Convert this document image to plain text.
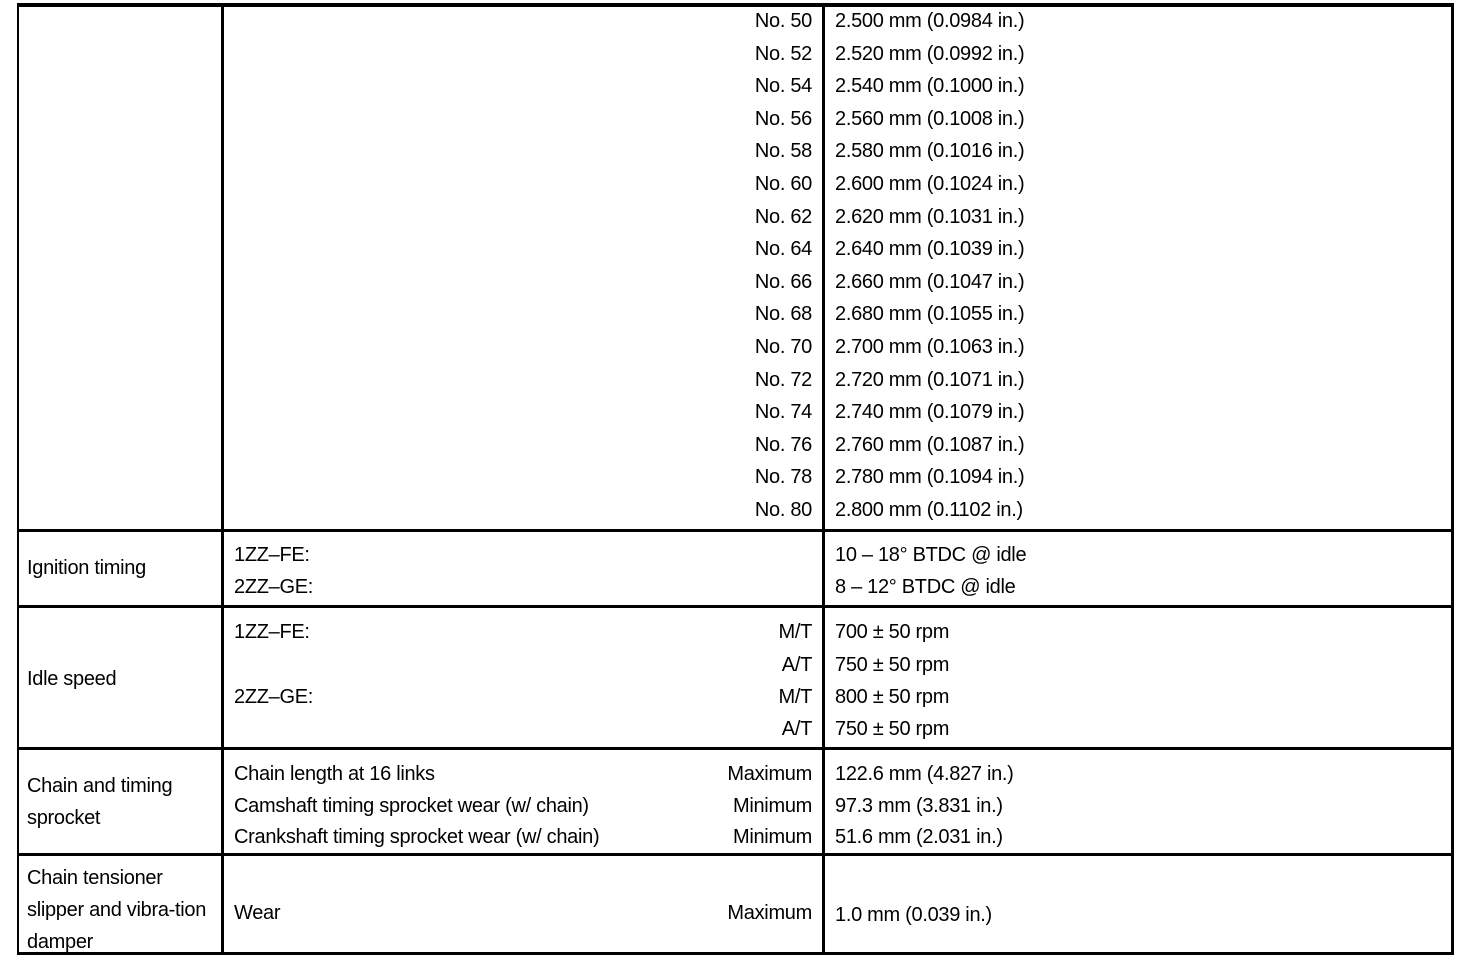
No. 50
No. 52
No. 54
No. 56
No. 58
No. 60
No. 62
No. 64
No. 66
No. 68
No. 70
No. 72
No. 74
No. 76
No. 78
No. 80
2.500 mm (0.0984 in.)
2.520 mm (0.0992 in.)
2.540 mm (0.1000 in.)
2.560 mm (0.1008 in.)
2.580 mm (0.1016 in.)
2.600 mm (0.1024 in.)
2.620 mm (0.1031 in.)
2.640 mm (0.1039 in.)
2.660 mm (0.1047 in.)
2.680 mm (0.1055 in.)
2.700 mm (0.1063 in.)
2.720 mm (0.1071 in.)
2.740 mm (0.1079 in.)
2.760 mm (0.1087 in.)
2.780 mm (0.1094 in.)
2.800 mm (0.1102 in.)
Ignition timing
1ZZ–FE:
2ZZ–GE:
10 – 18° BTDC @ idle
8 – 12° BTDC @ idle
Idle speed
1ZZ–FE:
2ZZ–GE:
M/T
A/T
M/T
A/T
700 ± 50 rpm
750 ± 50 rpm
800 ± 50 rpm
750 ± 50 rpm
Chain and timing sprocket
Chain length at 16 links
Camshaft timing sprocket wear (w/ chain)
Crankshaft timing sprocket wear (w/ chain)
Maximum
Minimum
Minimum
122.6 mm (4.827 in.)
97.3 mm (3.831 in.)
51.6 mm (2.031 in.)
Chain tensioner slipper and vibra-tion damper
Wear	Maximum 1.0 mm (0.039 in.)
